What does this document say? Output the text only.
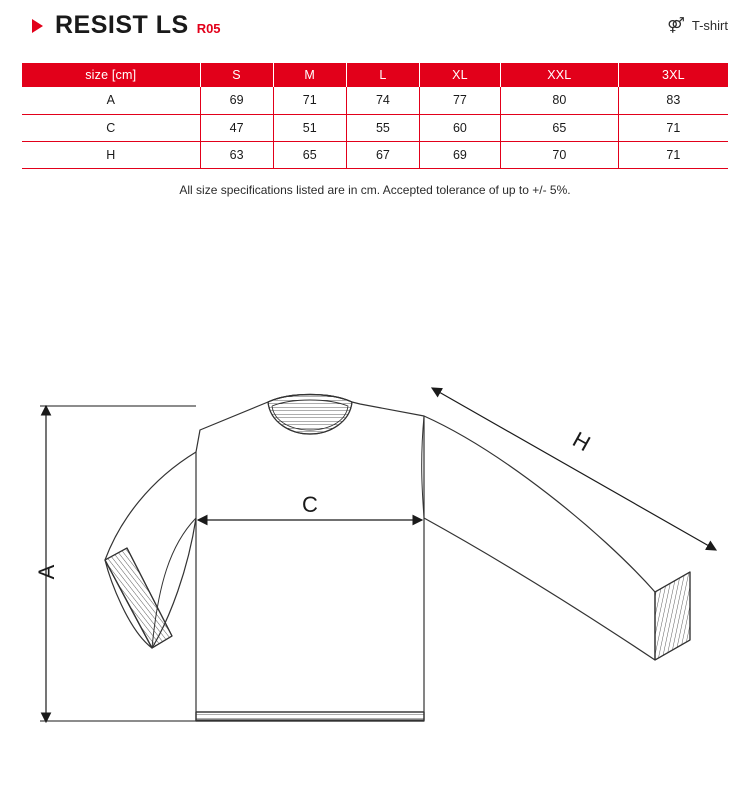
RESIST LS R05	⚤ T-shirt
size [cm]	S	M	L	XL	XXL	3XL
A	69	71	74	77	80	83
C	47	51	55	60	65	71
H	63	65	67	69	70	71
All size specifications listed are in cm. Accepted tolerance of up to +/- 5%.
A
C
H
